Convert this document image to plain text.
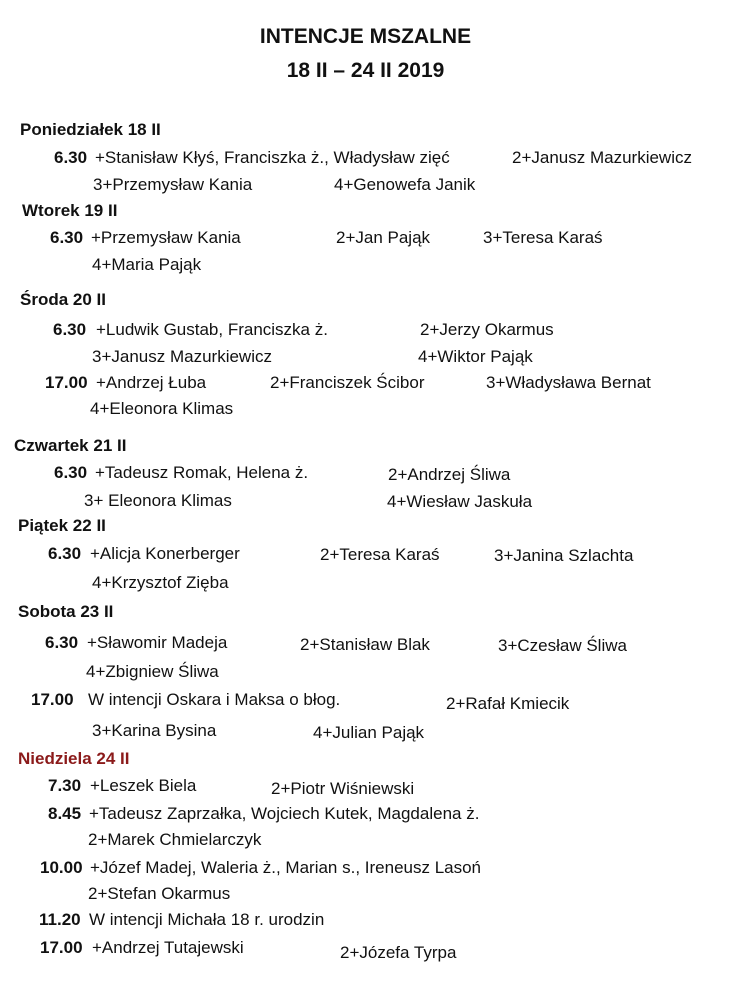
INTENCJE MSZALNE
18 II – 24 II 2019
Poniedziałek 18 II
6.30 +Stanisław Kłyś, Franciszka ż., Władysław zięć	2+Janusz Mazurkiewicz
3+Przemysław Kania	4+Genowefa Janik
Wtorek 19 II
6.30 +Przemysław Kania	2+Jan Pająk	3+Teresa Karaś
4+Maria Pająk
Środa 20 II
6.30 +Ludwik Gustab, Franciszka ż.	2+Jerzy Okarmus
3+Janusz Mazurkiewicz	4+Wiktor Pająk
17.00 +Andrzej Łuba	2+Franciszek Ścibor	3+Władysława Bernat
4+Eleonora Klimas
Czwartek 21 II
6.30 +Tadeusz Romak, Helena ż.	2+Andrzej Śliwa
3+ Eleonora Klimas	4+Wiesław Jaskuła
Piątek 22 II
6.30 +Alicja Konerberger	2+Teresa Karaś	3+Janina Szlachta
4+Krzysztof Zięba
Sobota 23 II
6.30 +Sławomir Madeja	2+Stanisław Blak	3+Czesław Śliwa
4+Zbigniew Śliwa
17.00 W intencji Oskara i Maksa o błog.	2+Rafał Kmiecik
3+Karina Bysina	4+Julian Pająk
Niedziela 24 II
7.30 +Leszek Biela	2+Piotr Wiśniewski
8.45 +Tadeusz Zaprzałka, Wojciech Kutek, Magdalena ż.
2+Marek Chmielarczyk
10.00 +Józef Madej, Waleria ż., Marian s., Ireneusz Lasoń
2+Stefan Okarmus
11.20 W intencji Michała 18 r. urodzin
17.00 +Andrzej Tutajewski	2+Józefa Tyrpa
